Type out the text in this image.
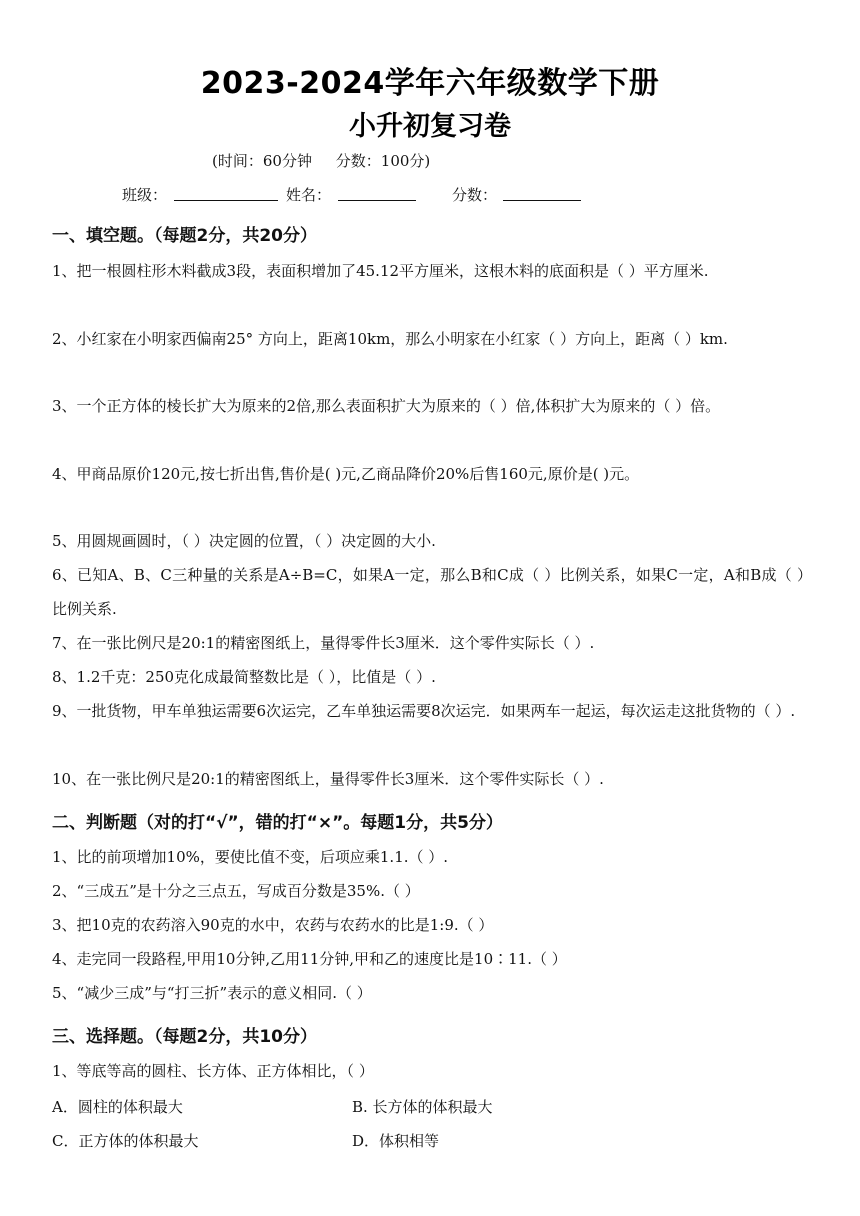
2023-2024学年六年级数学下册
小升初复习卷
(时间：60分钟     分数：100分)
班级：	姓名：	分数：
一、填空题。（每题2分，共20分）
1、把一根圆柱形木料截成3段，表面积增加了45.12平方厘米，这根木料的底面积是（ ）平方厘米.
2、小红家在小明家西偏南25° 方向上，距离10km，那么小明家在小红家（ ）方向上，距离（ ）km.
3、一个正方体的棱长扩大为原来的2倍,那么表面积扩大为原来的（ ）倍,体积扩大为原来的（ ）倍。
4、甲商品原价120元,按七折出售,售价是( )元,乙商品降价20%后售160元,原价是( )元。
5、用圆规画圆时，（ ）决定圆的位置，（ ）决定圆的大小.
6、已知A、B、C三种量的关系是A÷B=C，如果A一定，那么B和C成（ ）比例关系，如果C一定，A和B成（ ）比例关系.
7、在一张比例尺是20:1的精密图纸上，量得零件长3厘米．这个零件实际长（ ）.
8、1.2千克：250克化成最简整数比是（ ），比值是（ ）.
9、一批货物，甲车单独运需要6次运完，乙车单独运需要8次运完．如果两车一起运，每次运走这批货物的（ ）.
10、在一张比例尺是20:1的精密图纸上，量得零件长3厘米．这个零件实际长（ ）.
二、判断题（对的打“√”，错的打“×”。每题1分，共5分）
1、比的前项增加10%，要使比值不变，后项应乘1.1.（ ）.
2、“三成五”是十分之三点五，写成百分数是35%.（ ）
3、把10克的农药溶入90克的水中，农药与农药水的比是1:9.（ ）
4、走完同一段路程,甲用10分钟,乙用11分钟,甲和乙的速度比是10∶11.（ ）
5、“减少三成”与“打三折”表示的意义相同.（ ）
三、选择题。（每题2分，共10分）
1、等底等高的圆柱、长方体、正方体相比，（ ）
A．圆柱的体积最大	B. 长方体的体积最大
C．正方体的体积最大	D．体积相等
